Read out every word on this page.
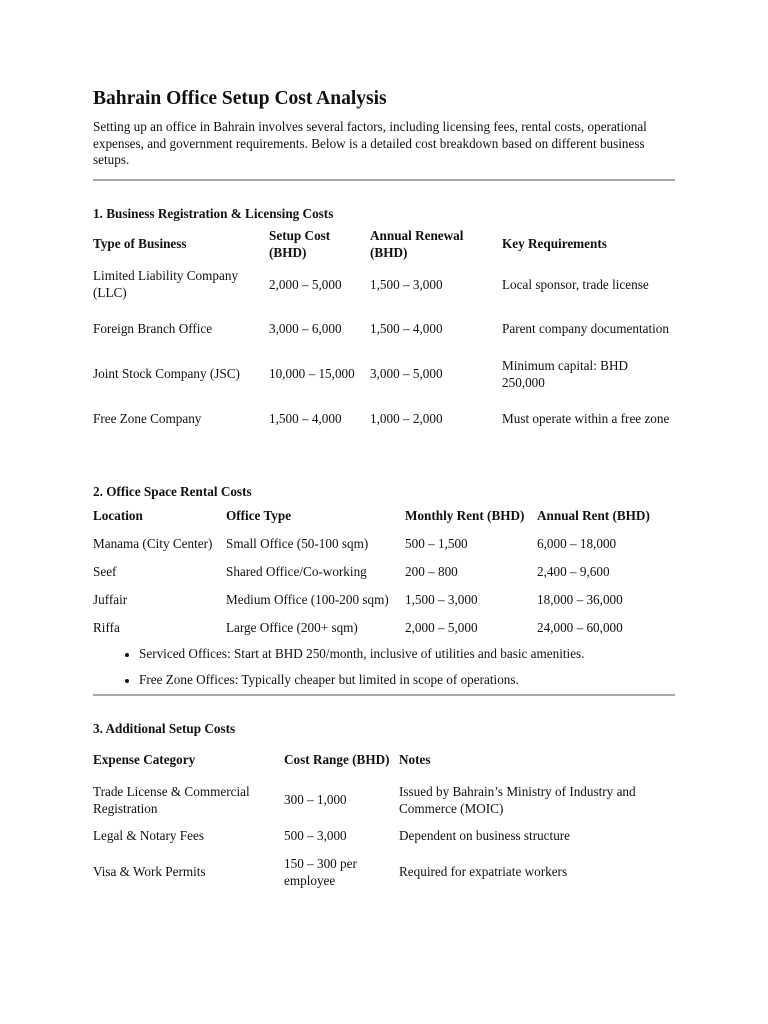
Bahrain Office Setup Cost Analysis

Setting up an office in Bahrain involves several factors, including licensing fees, rental costs, operational expenses, and government requirements. Below is a detailed cost breakdown based on different business setups.

1. Business Registration & Licensing Costs
Type of Business	Setup Cost (BHD)	Annual Renewal (BHD)	Key Requirements
Limited Liability Company (LLC)	2,000 – 5,000	1,500 – 3,000	Local sponsor, trade license
Foreign Branch Office	3,000 – 6,000	1,500 – 4,000	Parent company documentation
Joint Stock Company (JSC)	10,000 – 15,000	3,000 – 5,000	Minimum capital: BHD 250,000
Free Zone Company	1,500 – 4,000	1,000 – 2,000	Must operate within a free zone
2. Office Space Rental Costs
Location	Office Type	Monthly Rent (BHD)	Annual Rent (BHD)
Manama (City Center)	Small Office (50-100 sqm)	500 – 1,500	6,000 – 18,000
Seef	Shared Office/Co-working	200 – 800	2,400 – 9,600
Juffair	Medium Office (100-200 sqm)	1,500 – 3,000	18,000 – 36,000
Riffa	Large Office (200+ sqm)	2,000 – 5,000	24,000 – 60,000
• Serviced Offices: Start at BHD 250/month, inclusive of utilities and basic amenities.
• Free Zone Offices: Typically cheaper but limited in scope of operations.
3. Additional Setup Costs
Expense Category	Cost Range (BHD)	Notes
Trade License & Commercial Registration	300 – 1,000	Issued by Bahrain’s Ministry of Industry and Commerce (MOIC)
Legal & Notary Fees	500 – 3,000	Dependent on business structure
Visa & Work Permits	150 – 300 per employee	Required for expatriate workers
